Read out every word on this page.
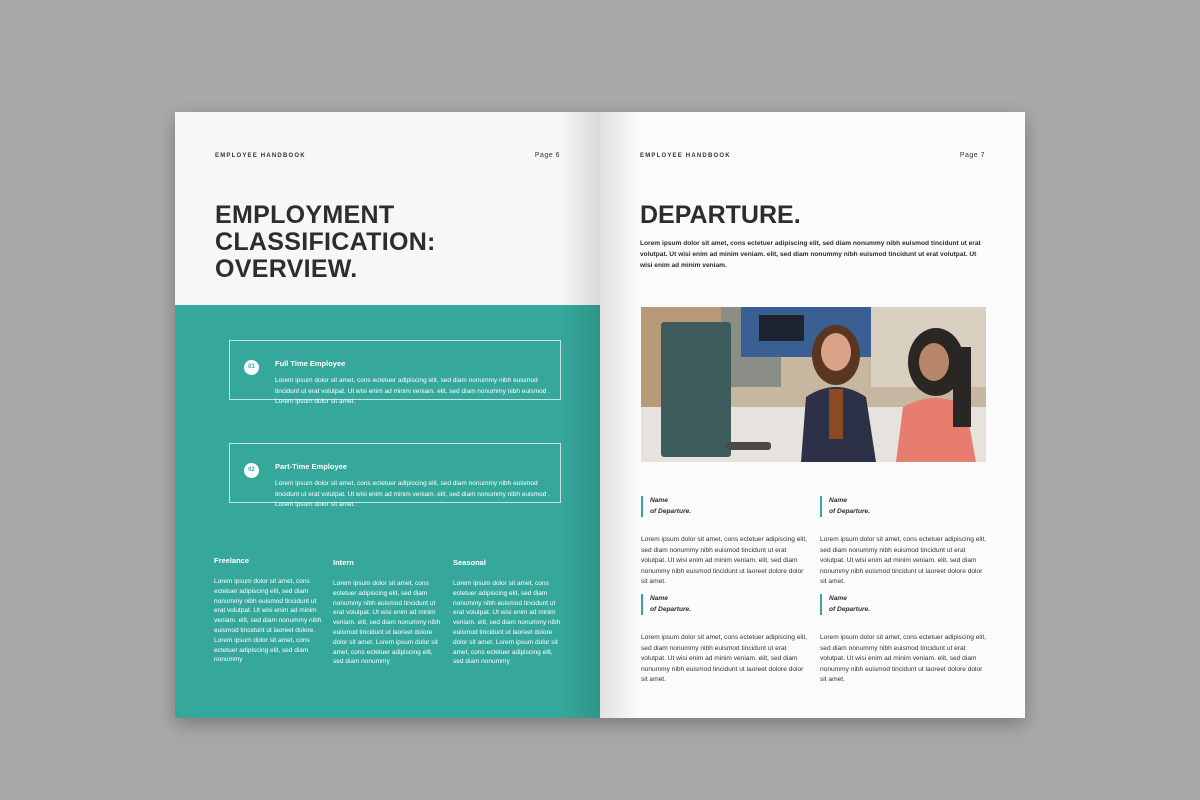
EMPLOYEE HANDBOOK	Page 6
EMPLOYMENT
CLASSIFICATION:
OVERVIEW.
01	Full Time Employee
Lorem ipsum dolor sit amet, cons ectetuer adipiscing elit, sed diam nonummy nibh euismod tincidunt ut erat volutpat. Ut wisi enim ad minim veniam. elit, sed diam nonummy nibh euismod . Lorem ipsum dolor sit amet.
02	Part-Time Employee
Lorem ipsum dolor sit amet, cons ectetuer adipiscing elit, sed diam nonummy nibh euismod tincidunt ut erat volutpat. Ut wisi enim ad minim veniam. elit, sed diam nonummy nibh euismod . Lorem ipsum dolor sit amet.

Freelance

Lorem ipsum dolor sit amet, cons ectetuer adipiscing elit, sed diam nonummy nibh euismod tincidunt ut erat volutpat. Ut wisi enim ad minim veniam. elit, sed diam nonummy nibh euismod tincidunt ut laoreet dolore. Lorem ipsum dolor sit amet, cons ectetuer adipiscing elit, sed diam nonummy

Intern

Lorem ipsum dolor sit amet, cons ectetuer adipiscing elit, sed diam nonummy nibh euismod tincidunt ut erat volutpat. Ut wisi enim ad minim veniam. elit, sed diam nonummy nibh euismod tincidunt ut laoreet dolore dolor sit amet. Lorem ipsum dolor sit amet, cons ectetuer adipiscing elit, sed diam nonummy

Seasonal

Lorem ipsum dolor sit amet, cons ectetuer adipiscing elit, sed diam nonummy nibh euismod tincidunt ut erat volutpat. Ut wisi enim ad minim veniam. elit, sed diam nonummy nibh euismod tincidunt ut laoreet dolore dolor sit amet. Lorem ipsum dolor sit amet, cons ectetuer adipiscing elit, sed diam nonummy

EMPLOYEE HANDBOOK	Page 7
DEPARTURE.
Lorem ipsum dolor sit amet, cons ectetuer adipiscing elit, sed diam nonummy nibh euismod tincidunt ut erat volutpat. Ut wisi enim ad minim veniam. elit, sed diam nonummy nibh euismod tincidunt ut erat volutpat. Ut wisi enim ad minim veniam.

Name
of Departure.

Lorem ipsum dolor sit amet, cons ectetuer adipiscing elit, sed diam nonummy nibh euismod tincidunt ut erat volutpat. Ut wisi enim ad minim veniam. elit, sed diam nonummy nibh euismod tincidunt ut laoreet dolore dolor sit amet.

Name
of Departure.

Lorem ipsum dolor sit amet, cons ectetuer adipiscing elit, sed diam nonummy nibh euismod tincidunt ut erat volutpat. Ut wisi enim ad minim veniam. elit, sed diam nonummy nibh euismod tincidunt ut laoreet dolore dolor sit amet.

Name
of Departure.

Lorem ipsum dolor sit amet, cons ectetuer adipiscing elit, sed diam nonummy nibh euismod tincidunt ut erat volutpat. Ut wisi enim ad minim veniam. elit, sed diam nonummy nibh euismod tincidunt ut laoreet dolore dolor sit amet.

Name
of Departure.

Lorem ipsum dolor sit amet, cons ectetuer adipiscing elit, sed diam nonummy nibh euismod tincidunt ut erat volutpat. Ut wisi enim ad minim veniam. elit, sed diam nonummy nibh euismod tincidunt ut laoreet dolore dolor sit amet.
